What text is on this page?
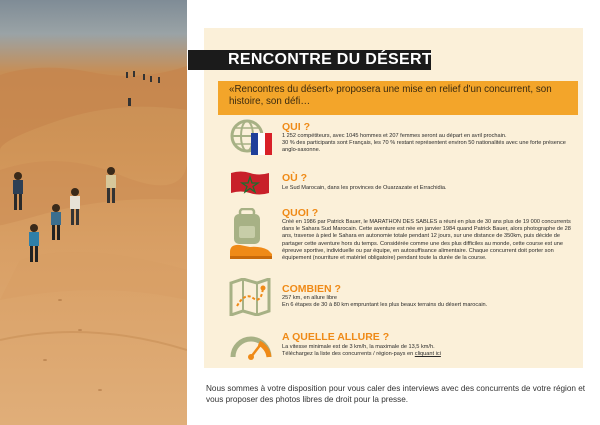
RENCONTRE DU DÉSERT
«Rencontres du désert» proposera une mise en relief d'un concurrent, son histoire, son défi…
QUI ?
1 252 compétiteurs, avec 1045 hommes et 207 femmes seront au départ en avril prochain.
30 % des participants sont Français, les 70 % restant représentent environ 50 nationalités avec une forte présence anglo-saxonne.
OÙ ?
Le Sud Marocain, dans les provinces de Ouarzazate et Errachidia.
QUOI ?
Créé en 1986 par Patrick Bauer, le MARATHON DES SABLES a réuni en plus de 30 ans plus de 19 000 concurrents dans le Sahara Sud Marocain. Cette aventure est née en janvier 1984 quand Patrick Bauer, alors photographe de 28 ans, traverse à pied le Sahara en autonomie totale pendant 12 jours, sur une distance de 350km, puis décide de partager cette aventure hors du temps. Considérée comme une des plus difficiles au monde, cette course est une épreuve sportive, individuelle ou par équipe, en autosuffisance alimentaire. Chaque concurrent doit porter son équipement (nourriture et matériel obligatoire) pendant toute la durée de la course.
COMBIEN ?
257 km, en allure libre
En 6 étapes de 30 à 80 km empruntant les plus beaux terrains du désert marocain.
A QUELLE ALLURE ?
La vitesse minimale est de 3 km/h, la maximale de 13,5 km/h.
Téléchargez la liste des concurrents / région-pays en cliquant ici
Nous sommes à votre disposition pour vous caler des interviews avec des concurrents de votre région et vous proposer des photos libres de droit pour la presse.
